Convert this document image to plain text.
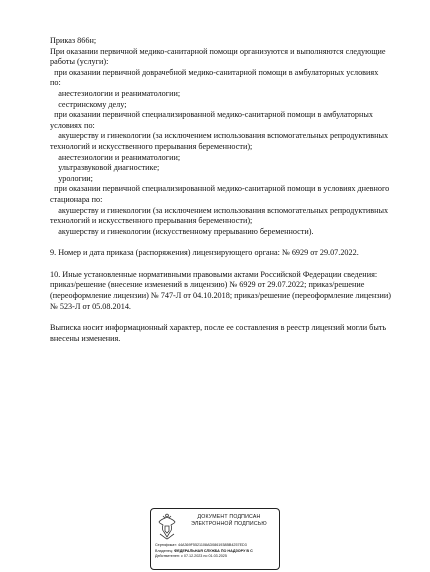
Приказ 866н;
При оказании первичной медико-санитарной помощи организуются и выполняются следующие
работы (услуги):
при оказании первичной доврачебной медико-санитарной помощи в амбулаторных условиях
по:
анестезиологии и реаниматологии;
сестринскому делу;
при оказании первичной специализированной медико-санитарной помощи в амбулаторных
условиях по:
акушерству и гинекологии (за исключением использования вспомогательных репродуктивных
технологий и искусственного прерывания беременности);
анестезиологии и реаниматологии;
ультразвуковой диагностике;
урологии;
при оказании первичной специализированной медико-санитарной помощи в условиях дневного
стационара по:
акушерству и гинекологии (за исключением использования вспомогательных репродуктивных
технологий и искусственного прерывания беременности);
акушерству и гинекологии (искусственному прерыванию беременности).
9. Номер и дата приказа (распоряжения) лицензирующего органа: № 6929 от 29.07.2022.
10. Иные установленные нормативными правовыми актами Российской Федерации сведения:
приказ/решение (внесение изменений в лицензию) № 6929 от 29.07.2022; приказ/решение
(переоформление лицензии) № 747-Л от 04.10.2018; приказ/решение (переоформление лицензии)
№ 523-Л от 05.08.2014.
Выписка носит информационный характер, после ее составления в реестр лицензий могли быть
внесены изменения.
ДОКУМЕНТ ПОДПИСАН
ЭЛЕКТРОННОЙ ПОДПИСЬЮ
Сертификат: 44A369F5521108AD0861938BB4257ED3
Владелец: ФЕДЕРАЛЬНАЯ СЛУЖБА ПО НАДЗОРУ В С
Действителен: с 07.12.2023 по 01.03.2025
